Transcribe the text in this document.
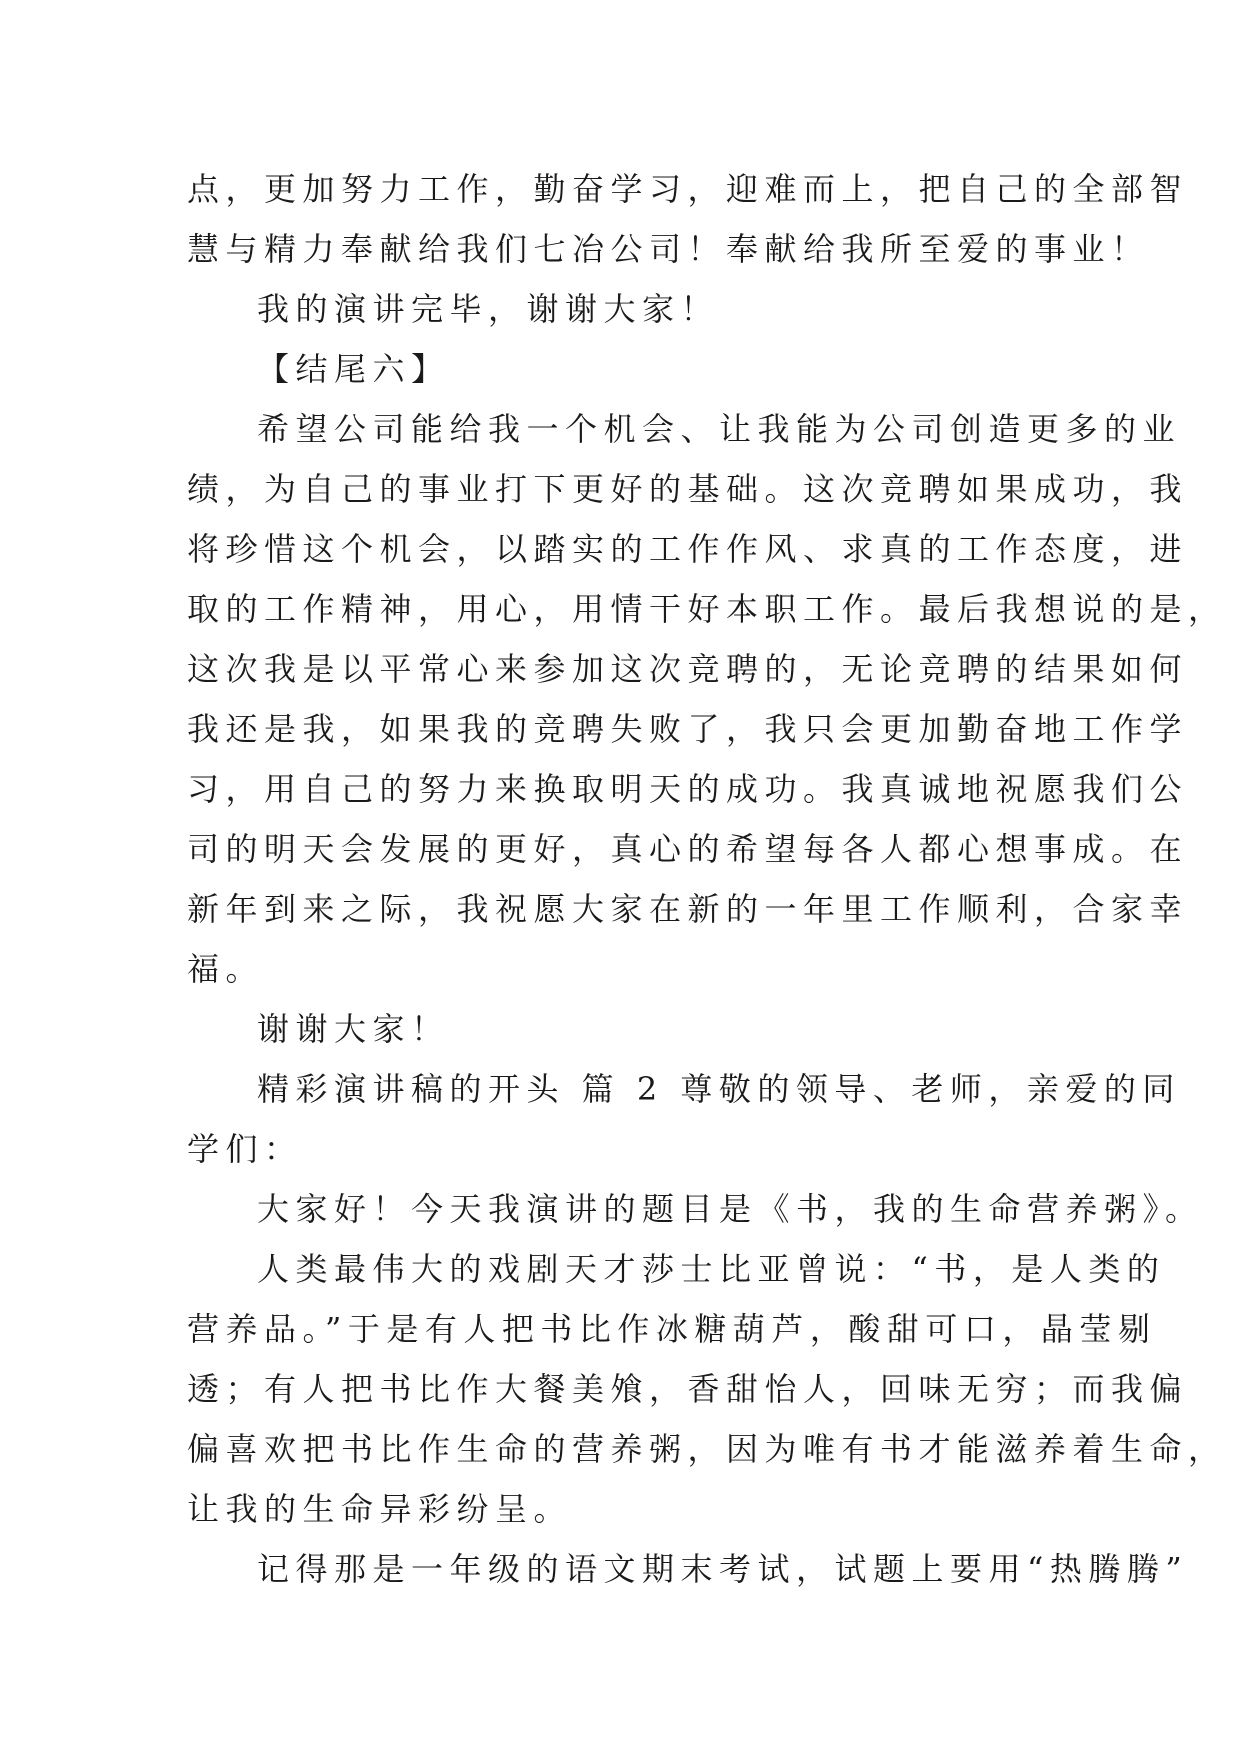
点，更加努力工作，勤奋学习，迎难而上，把自己的全部智
慧与精力奉献给我们七冶公司！奉献给我所至爱的事业！
我的演讲完毕，谢谢大家！
【结尾六】
希望公司能给我一个机会、让我能为公司创造更多的业
绩，为自己的事业打下更好的基础。这次竞聘如果成功，我
将珍惜这个机会，以踏实的工作作风、求真的工作态度，进
取的工作精神，用心，用情干好本职工作。最后我想说的是，
这次我是以平常心来参加这次竞聘的，无论竞聘的结果如何
我还是我，如果我的竞聘失败了，我只会更加勤奋地工作学
习，用自己的努力来换取明天的成功。我真诚地祝愿我们公
司的明天会发展的更好，真心的希望每各人都心想事成。在
新年到来之际，我祝愿大家在新的一年里工作顺利，合家幸
福。
谢谢大家！
精彩演讲稿的开头 篇 2 尊敬的领导、老师，亲爱的同
学们：
大家好！今天我演讲的题目是《书，我的生命营养粥》。
人类最伟大的戏剧天才莎士比亚曾说：“书，是人类的
营养品。”于是有人把书比作冰糖葫芦，酸甜可口，晶莹剔
透；有人把书比作大餐美飧，香甜怡人，回味无穷；而我偏
偏喜欢把书比作生命的营养粥，因为唯有书才能滋养着生命，
让我的生命异彩纷呈。
记得那是一年级的语文期末考试，试题上要用“热腾腾”
